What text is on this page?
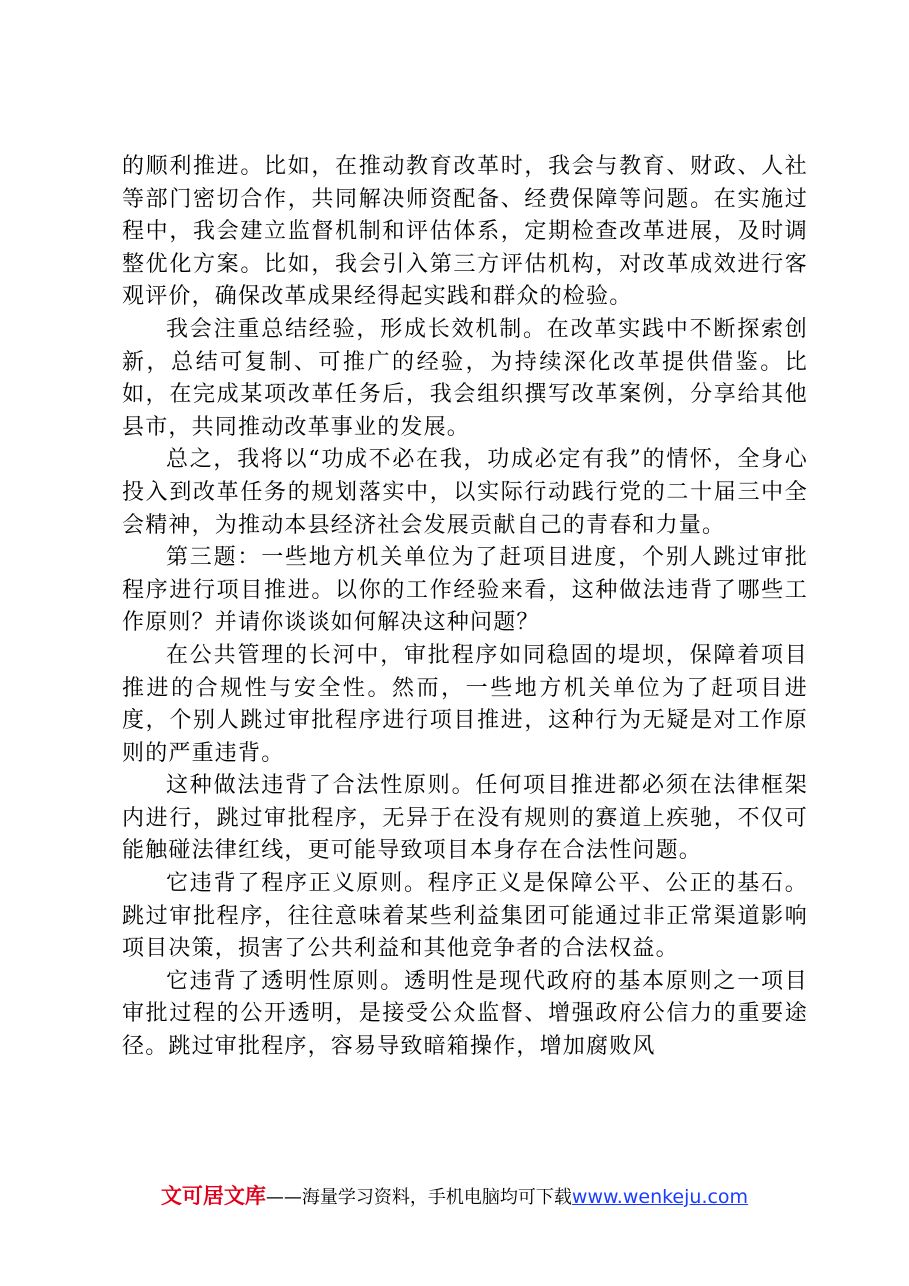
的顺利推进。比如，在推动教育改革时，我会与教育、财政、人社等部门密切合作，共同解决师资配备、经费保障等问题。在实施过程中，我会建立监督机制和评估体系，定期检查改革进展，及时调整优化方案。比如，我会引入第三方评估机构，对改革成效进行客观评价，确保改革成果经得起实践和群众的检验。

我会注重总结经验，形成长效机制。在改革实践中不断探索创新，总结可复制、可推广的经验，为持续深化改革提供借鉴。比如，在完成某项改革任务后，我会组织撰写改革案例，分享给其他县市，共同推动改革事业的发展。

总之，我将以“功成不必在我，功成必定有我”的情怀，全身心投入到改革任务的规划落实中，以实际行动践行党的二十届三中全会精神，为推动本县经济社会发展贡献自己的青春和力量。

第三题：一些地方机关单位为了赶项目进度，个别人跳过审批程序进行项目推进。以你的工作经验来看，这种做法违背了哪些工作原则？并请你谈谈如何解决这种问题？

在公共管理的长河中，审批程序如同稳固的堤坝，保障着项目推进的合规性与安全性。然而，一些地方机关单位为了赶项目进度，个别人跳过审批程序进行项目推进，这种行为无疑是对工作原则的严重违背。

这种做法违背了合法性原则。任何项目推进都必须在法律框架内进行，跳过审批程序，无异于在没有规则的赛道上疾驰，不仅可能触碰法律红线，更可能导致项目本身存在合法性问题。

它违背了程序正义原则。程序正义是保障公平、公正的基石。跳过审批程序，往往意味着某些利益集团可能通过非正常渠道影响项目决策，损害了公共利益和其他竞争者的合法权益。

它违背了透明性原则。透明性是现代政府的基本原则之一项目审批过程的公开透明，是接受公众监督、增强政府公信力的重要途径。跳过审批程序，容易导致暗箱操作，增加腐败风

文可居文库——海量学习资料，手机电脑均可下载www.wenkeju.com
